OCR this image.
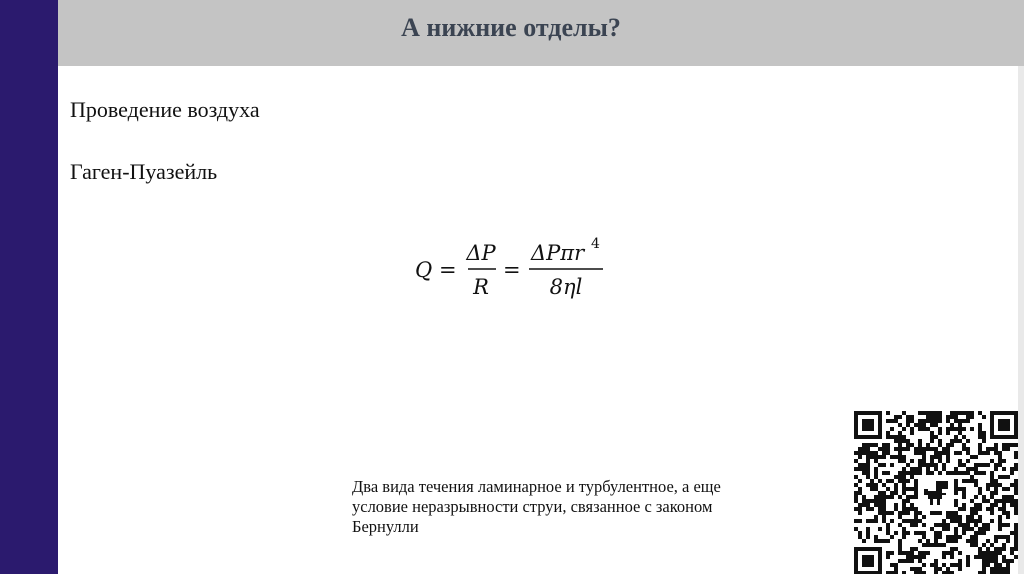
А нижние отделы?
Проведение воздуха
Гаген-Пуазейль
Q =
ΔP
R
=
ΔPπr 4
8ηl
Два вида течения ламинарное и турбулентное, а еще условие неразрывности струи, связанное с законом Бернулли
